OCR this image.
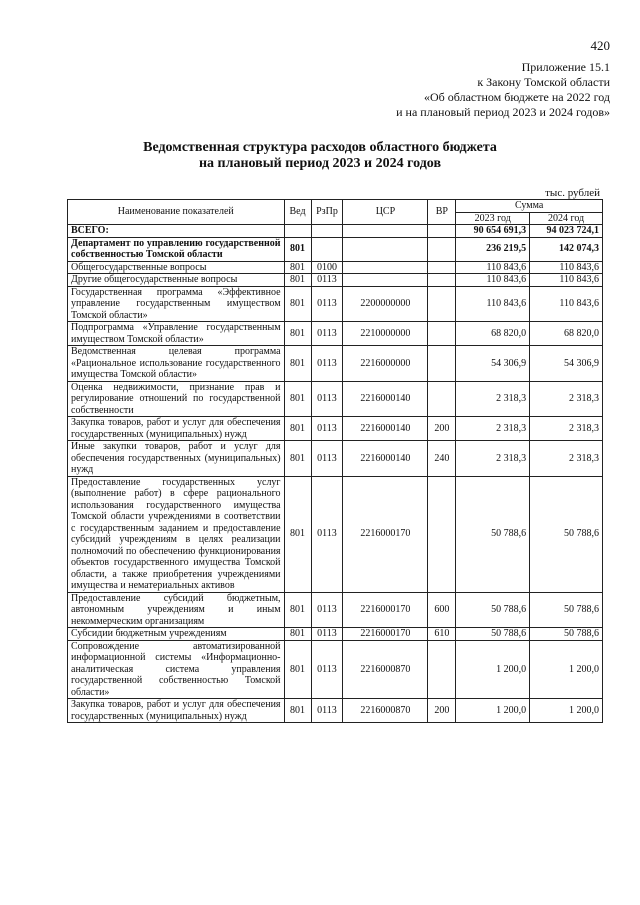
420
Приложение 15.1
к Закону Томской области
«Об областном бюджете на 2022 год
и на плановый период 2023 и 2024 годов»
Ведомственная структура расходов областного бюджета
на плановый период 2023 и 2024 годов
тыс. рублей
Наименование показателей	Вед	РзПр	ЦСР	ВР	Сумма	
					2023 год	2024 год
ВСЕГО:					90 654 691,3	94 023 724,1
Департамент по управлению государственной собственностью Томской области	801				236 219,5	142 074,3
Общегосударственные вопросы	801	0100			110 843,6	110 843,6
Другие общегосударственные вопросы	801	0113			110 843,6	110 843,6
Государственная программа «Эффективное управление государственным имуществом Томской области»	801	0113	2200000000		110 843,6	110 843,6
Подпрограмма «Управление государственным имуществом Томской области»	801	0113	2210000000		68 820,0	68 820,0
Ведомственная целевая программа «Рациональное использование государственного имущества Томской области»	801	0113	2216000000		54 306,9	54 306,9
Оценка недвижимости, признание прав и регулирование отношений по государственной собственности	801	0113	2216000140		2 318,3	2 318,3
Закупка товаров, работ и услуг для обеспечения государственных (муниципальных) нужд	801	0113	2216000140	200	2 318,3	2 318,3
Иные закупки товаров, работ и услуг для обеспечения государственных (муниципальных) нужд	801	0113	2216000140	240	2 318,3	2 318,3
Предоставление государственных услуг (выполнение работ) в сфере рационального использования государственного имущества Томской области учреждениями в соответствии с государственным заданием и предоставление субсидий учреждениям в целях реализации полномочий по обеспечению функционирования объектов государственного имущества Томской области, а также приобретения учреждениями имущества и нематериальных активов	801	0113	2216000170		50 788,6	50 788,6
Предоставление субсидий бюджетным, автономным учреждениям и иным некоммерческим организациям	801	0113	2216000170	600	50 788,6	50 788,6
Субсидии бюджетным учреждениям	801	0113	2216000170	610	50 788,6	50 788,6
Сопровождение автоматизированной информационной системы «Информационно-аналитическая система управления государственной собственностью Томской области»	801	0113	2216000870		1 200,0	1 200,0
Закупка товаров, работ и услуг для обеспечения государственных (муниципальных) нужд	801	0113	2216000870	200	1 200,0	1 200,0
